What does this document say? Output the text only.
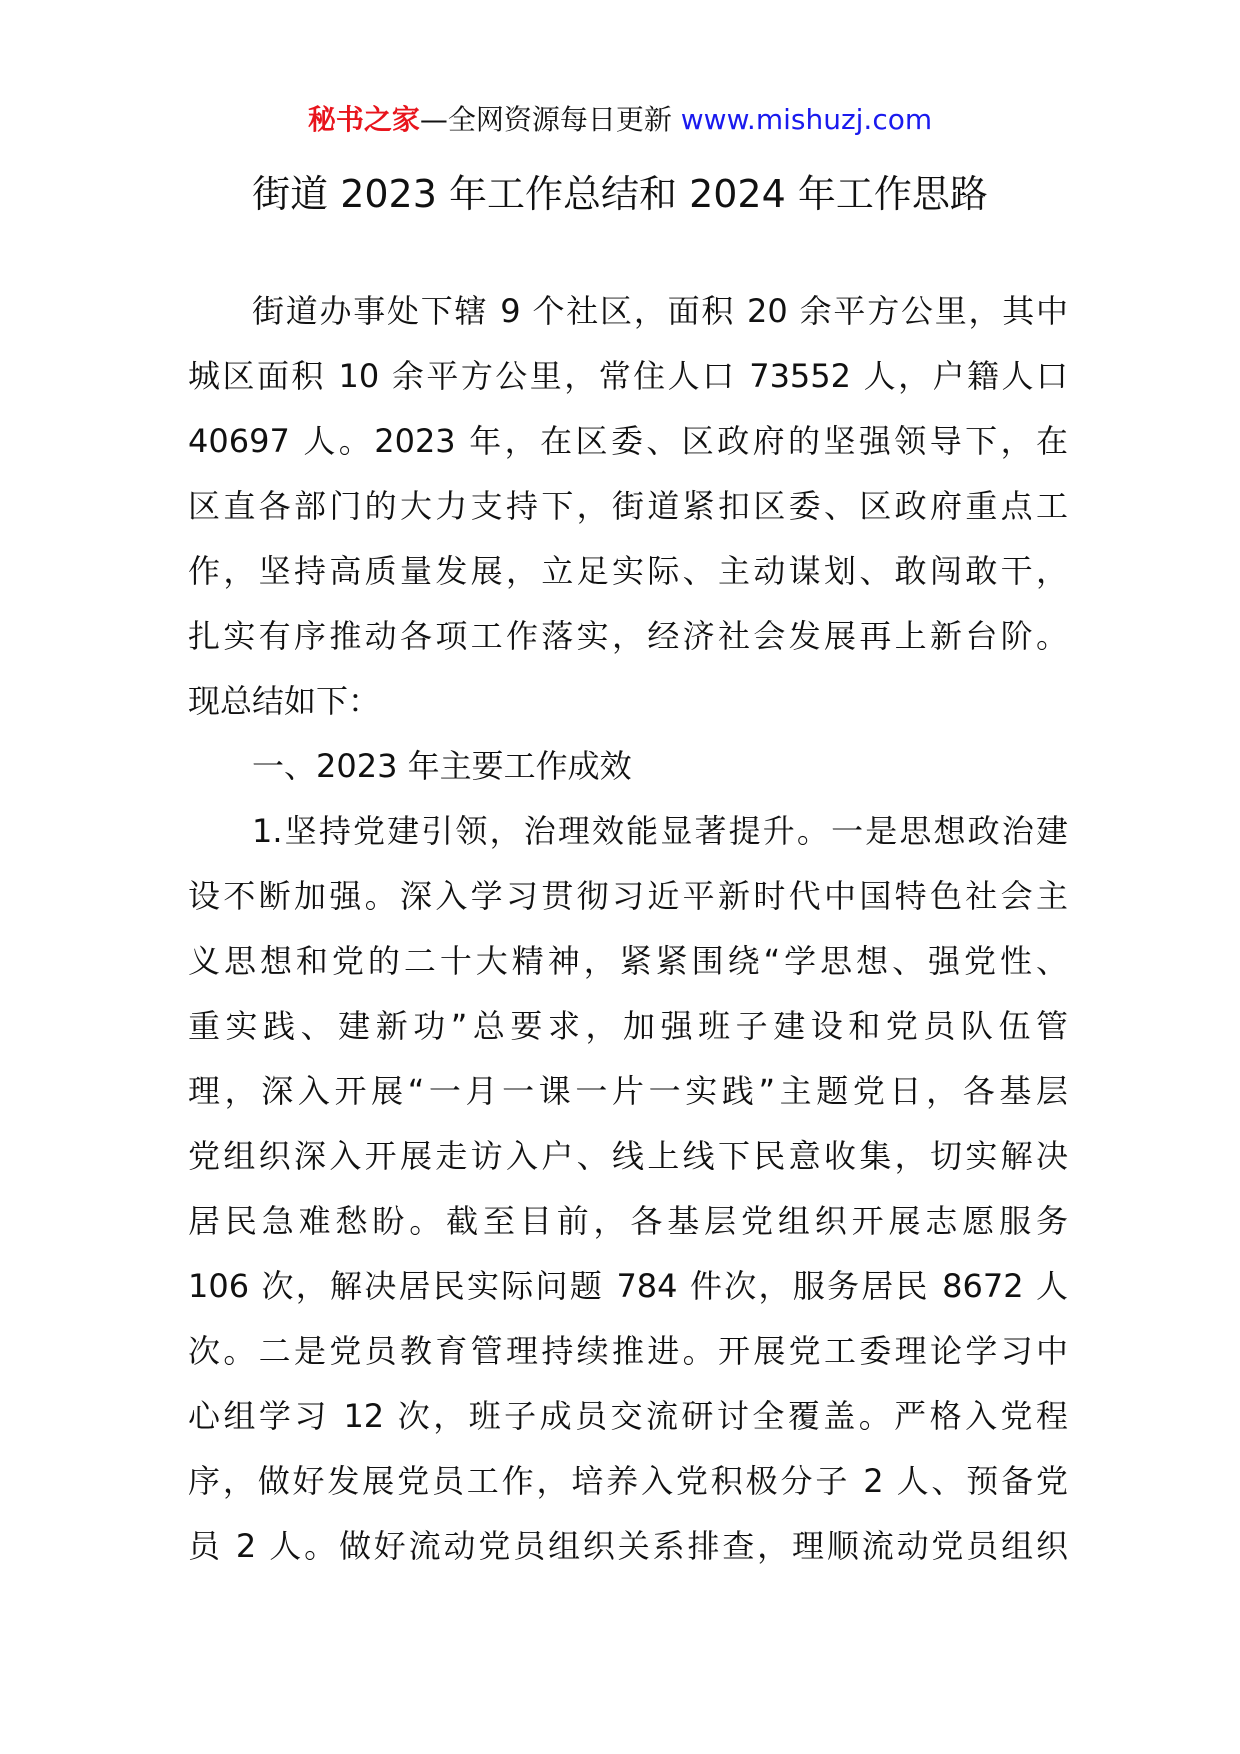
秘书之家—全网资源每日更新 www.mishuzj.com
街道 2023 年工作总结和 2024 年工作思路
街道办事处下辖 9 个社区，面积 20 余平方公里，其中
城区面积 10 余平方公里，常住人口 73552 人，户籍人口
40697 人。2023 年，在区委、区政府的坚强领导下，在
区直各部门的大力支持下，街道紧扣区委、区政府重点工
作，坚持高质量发展，立足实际、主动谋划、敢闯敢干，
扎实有序推动各项工作落实，经济社会发展再上新台阶。
现总结如下：
一、2023 年主要工作成效
1.坚持党建引领，治理效能显著提升。一是思想政治建
设不断加强。深入学习贯彻习近平新时代中国特色社会主
义思想和党的二十大精神，紧紧围绕“学思想、强党性、
重实践、建新功”总要求，加强班子建设和党员队伍管
理，深入开展“一月一课一片一实践”主题党日，各基层
党组织深入开展走访入户、线上线下民意收集，切实解决
居民急难愁盼。截至目前，各基层党组织开展志愿服务
106 次，解决居民实际问题 784 件次，服务居民 8672 人
次。二是党员教育管理持续推进。开展党工委理论学习中
心组学习 12 次，班子成员交流研讨全覆盖。严格入党程
序，做好发展党员工作，培养入党积极分子 2 人、预备党
员 2 人。做好流动党员组织关系排查，理顺流动党员组织
